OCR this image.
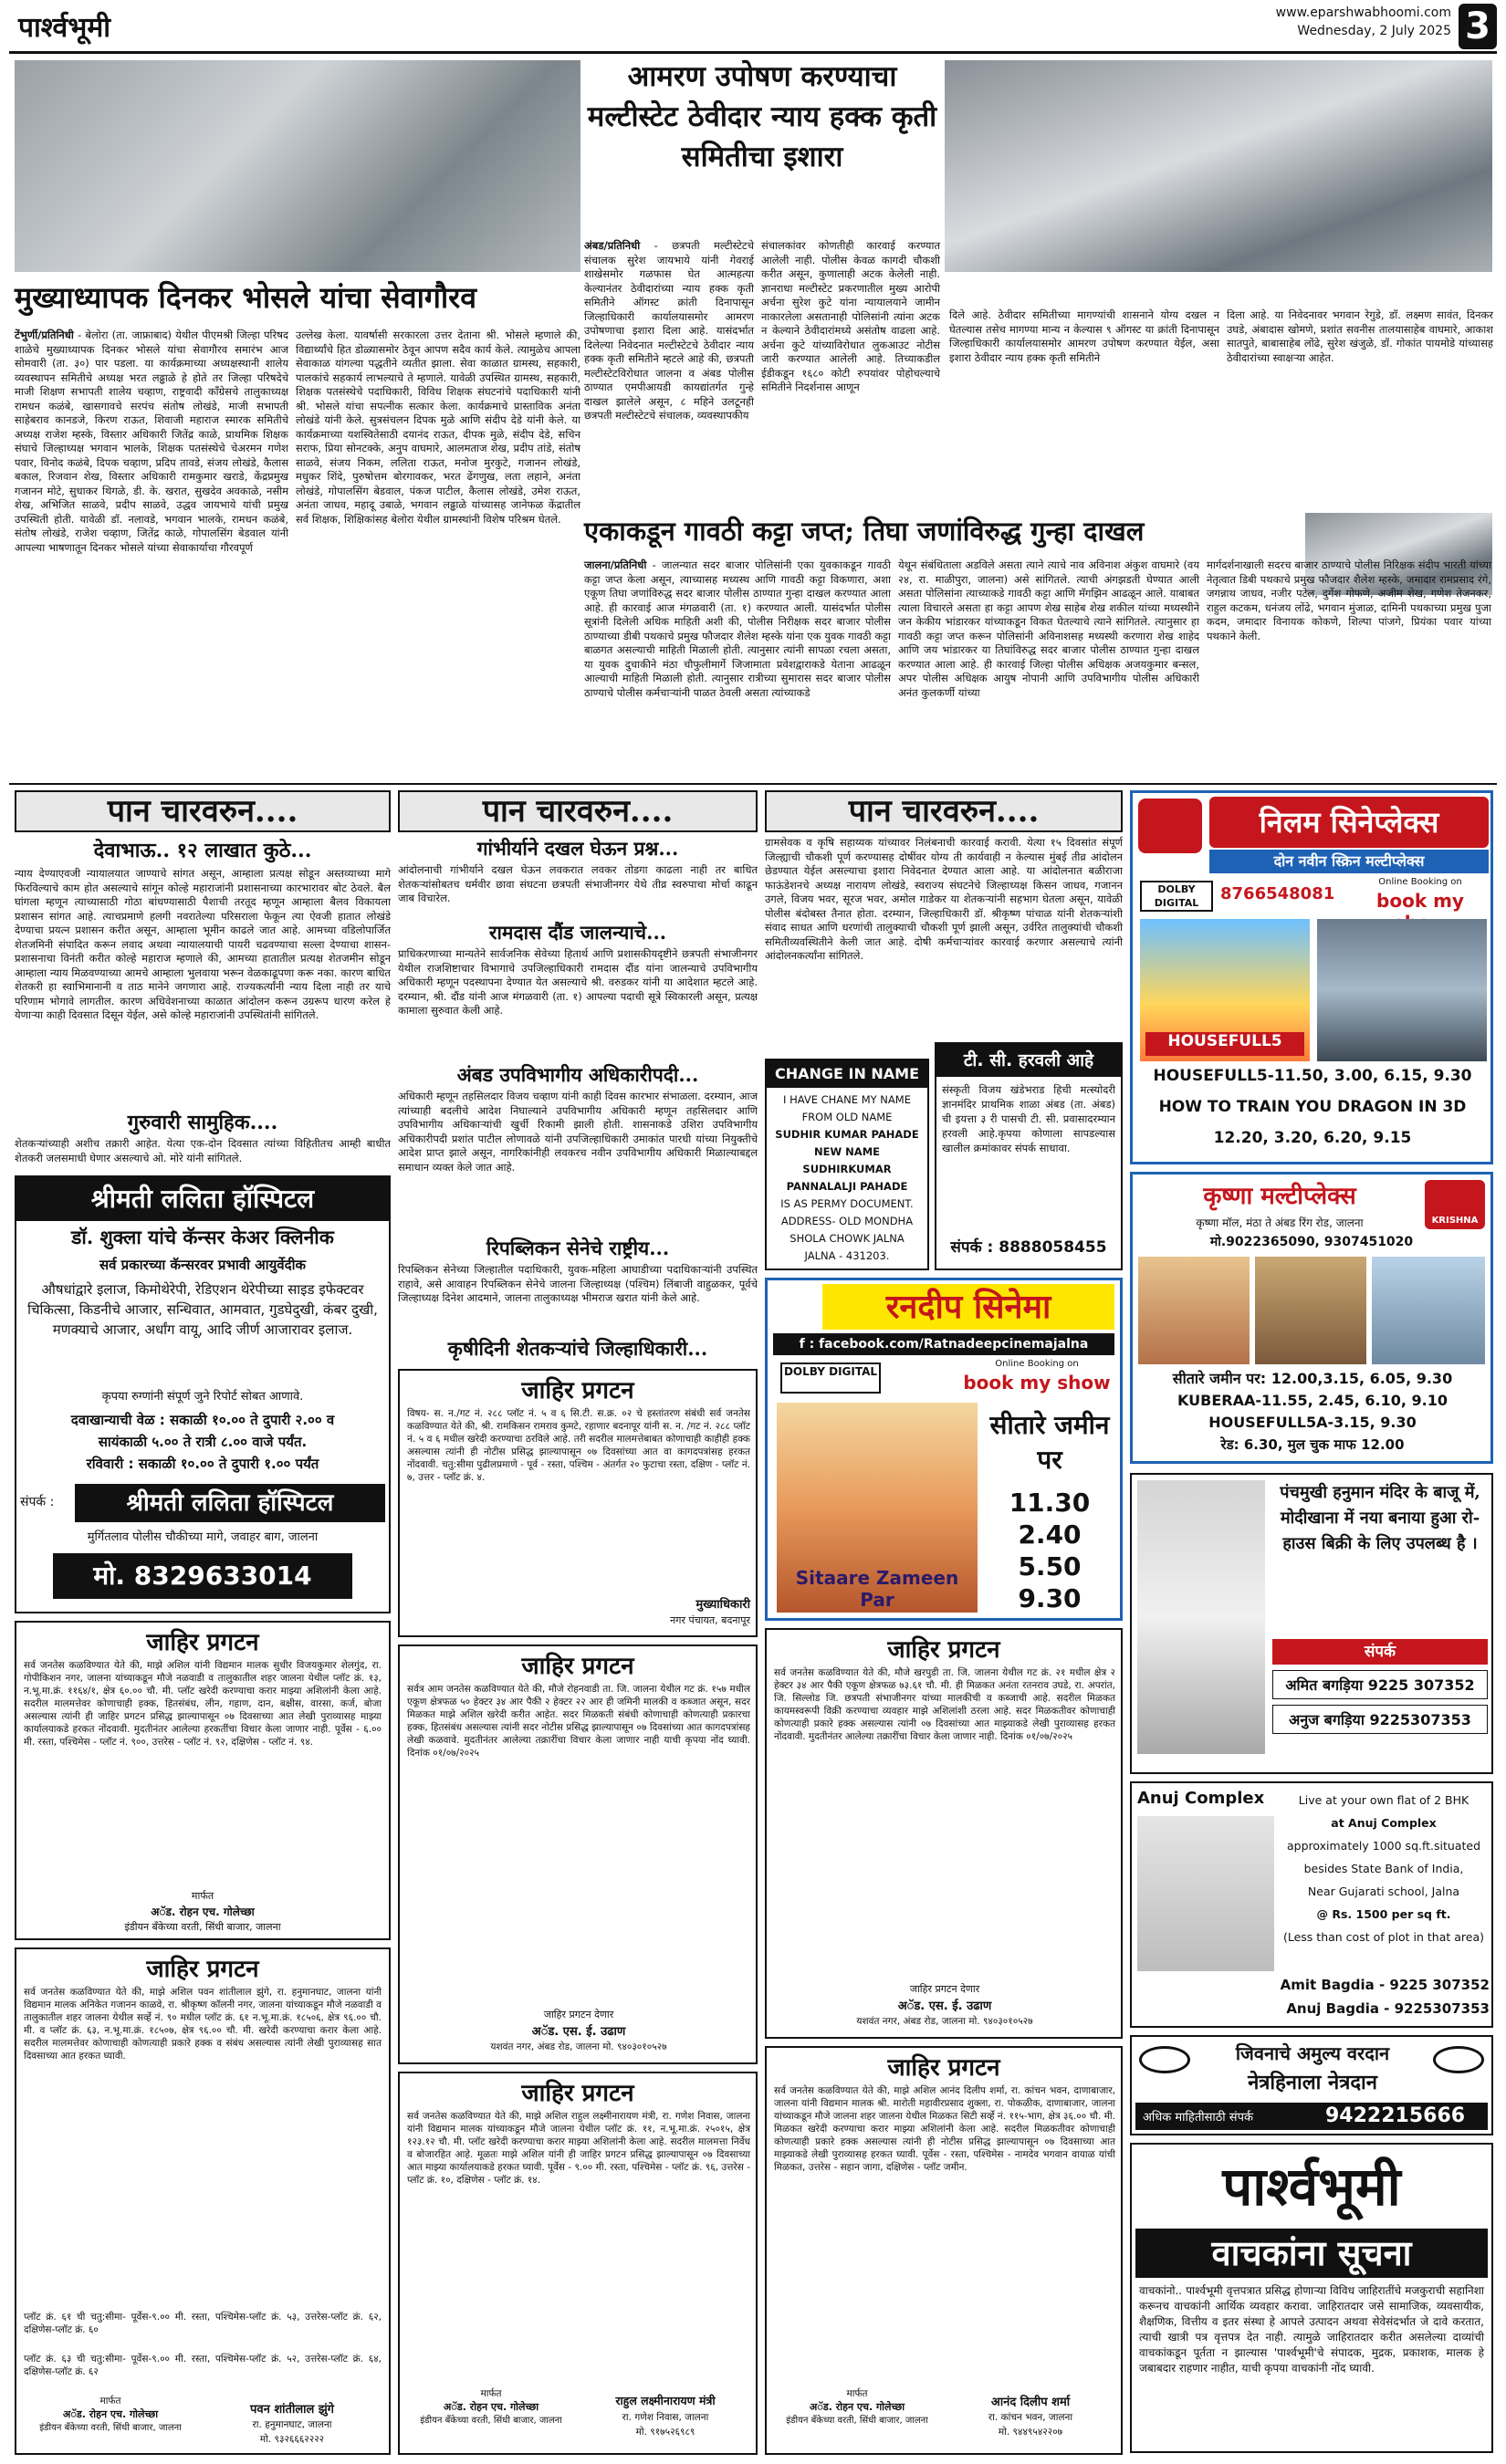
पार्श्वभूमी	www.eparshwabhoomi.com
Wednesday, 2 July 2025 3
आमरण उपोषण करण्याचा मल्टीस्टेट ठेवीदार न्याय हक्क कृती समितीचा इशारा
अंबड/प्रतिनिधी - छत्रपती मल्टीस्टेटचे संचालक सुरेश जायभाये यांनी गेवराई शाखेसमोर गळफास घेत आत्महत्या केल्यानंतर ठेवीदारांच्या न्याय हक्क कृती समितीने ऑगस्ट क्रांती दिनापासून जिल्हाधिकारी कार्यालयासमोर आमरण उपोषणाचा इशारा दिला आहे. यासंदर्भात दिलेल्या निवेदनात मल्टीस्टेटचे ठेवीदार न्याय हक्क कृती समितीने म्हटले आहे की, छत्रपती मल्टीस्टेटविरोधात जालना व अंबड पोलीस ठाण्यात एमपीआयडी कायद्यांतर्गत गुन्हे दाखल झालेले असून, ८ महिने उलटूनही छत्रपती मल्टीस्टेटचे संचालक, व्यवस्थापकीय
संचालकांवर कोणतीही कारवाई करण्यात आलेली नाही. पोलीस केवळ कागदी चौकशी करीत असून, कुणालाही अटक केलेली नाही. ज्ञानराधा मल्टीस्टेट प्रकरणातील मुख्य आरोपी अर्चना सुरेश कुटे यांना न्यायालयाने जामीन नाकारलेला असतानाही पोलिसांनी त्यांना अटक न केल्याने ठेवीदारांमध्ये असंतोष वाढला आहे. अर्चना कुटे यांच्याविरोधात लुकआउट नोटीस जारी करण्यात आलेली आहे. तिच्याकडील ईडीकडून १६८० कोटी रुपयांवर पोहोचल्याचे समितीने निदर्शनास आणून
दिले आहे. ठेवीदार समितीच्या मागण्यांची शासनाने योग्य दखल न घेतल्यास तसेच मागण्या मान्य न केल्यास ९ ऑगस्ट या क्रांती दिनापासून जिल्हाधिकारी कार्यालयासमोर आमरण उपोषण करण्यात येईल, असा इशारा ठेवीदार न्याय हक्क कृती समितीने
दिला आहे. या निवेदनावर भगवान रेगुडे, डॉ. लक्ष्मण सावंत, दिनकर उघडे, अंबादास खोमणे, प्रशांत सवनीस तालयासाहेब वाघमारे, आकाश सातपुते, बाबासाहेब लोंढे, सुरेश खंजुळे, डॉ. गोकांत पायमोडे यांच्यासह ठेवीदारांच्या स्वाक्षऱ्या आहेत.
मुख्याध्यापक दिनकर भोसले यांचा सेवागौरव
टेंभुर्णी/प्रतिनिधी - बेलोरा (ता. जाफ्राबाद) येथील पीएमश्री जिल्हा परिषद शाळेचे मुख्याध्यापक दिनकर भोसले यांचा सेवागौरव समारंभ आज सोमवारी (ता. ३०) पार पडला. या कार्यक्रमाच्या अध्यक्षस्थानी शालेय व्यवस्थापन समितीचे अध्यक्ष भरत लढ्ढाळे हे होते तर जिल्हा परिषदेचे माजी शिक्षण सभापती शालेय चव्हाण, राष्ट्रवादी काँग्रेसचे तालुकाध्यक्ष रामधन कळंबे, खासगावचे सरपंच संतोष लोखंडे, माजी सभापती साहेबराव कानडजे, किरण राऊत, शिवाजी महाराज स्मारक समितीचे अध्यक्ष राजेश म्हस्के, विस्तार अधिकारी जितेंद्र काळे, प्राथमिक शिक्षक संघाचे जिल्हाध्यक्ष भगवान भालके, शिक्षक पतसंस्थेचे चेअरमन गणेश पवार, विनोद कळंबे, दिपक चव्हाण, प्रदिप तावडे, संजय लोखंडे, कैलास बकाल, रिजवान शेख, विस्तार अधिकारी रामकुमार खराडे, केंद्रप्रमुख गजानन मोटे, सुधाकर थिगळे, डी. के. खरात, सुखदेव अवकाळे, नसीम शेख, अभिजित साळवे, प्रदीप साळवे, उद्धव जायभाये यांची प्रमुख उपस्थिती होती. यावेळी डॉ. नलावडे, भगवान भालके, रामधन कळंबे, संतोष लोखंडे, राजेश चव्हाण, जितेंद्र काळे, गोपालसिंग बेडवाल यांनी आपल्या भाषणातून दिनकर भोसले यांच्या सेवाकार्याचा गौरवपूर्ण
उल्लेख केला. यावर्षासी सरकारला उत्तर देताना श्री. भोसले म्हणाले की, विद्यार्थ्यांचे हित डोळ्यासमोर ठेवून आपण सदैव कार्य केले. त्यामुळेच आपला सेवाकाळ यांगल्या पद्धतीने व्यतीत झाला. सेवा काळात ग्रामस्थ, सहकारी, पालकांचे सहकार्य लाभल्याचे ते म्हणाले. यावेळी उपस्थित ग्रामस्थ, सहकारी, शिक्षक पतसंस्थेचे पदाधिकारी, विविध शिक्षक संघटनांचे पदाधिकारी यांनी श्री. भोसले यांचा सपत्नीक सत्कार केला. कार्यक्रमाचे प्रास्ताविक अनंता लोखंडे यांनी केले. सुत्रसंचलन दिपक मुळे आणि संदीप देडे यांनी केले. या कार्यक्रमाच्या यशस्वितेसाठी दयानंद राऊत, दीपक मुळे, संदीप देडे, सचिन सराफ, प्रिया सोनटक्के, अनुप वाघमारे, आलमताज शेख, प्रदीप तांडे, संतोष साळवे, संजय निकम, ललिता राऊत, मनोज मुरकुटे, गजानन लोखंडे, मधुकर शिंदे, पुरुषोत्तम बोरगावकर, भरत ढेंगणुख, लता लहाने, अनंता लोखंडे, गोपालसिंग बेडवाल, पंकज पाटील, कैलास लोखंडे, उमेश राऊत, अनंता जाधव, महादू उबाळे, भगवान लढ्ढाळे यांच्यासह जानेफळ केंद्रातील सर्व शिक्षक, शिक्षिकांसह बेलोरा येथील ग्रामस्थांनी विशेष परिश्रम घेतले. एकाकडून गावठी कट्टा जप्त; तिघा जणांविरुद्ध गुन्हा दाखल
जालना/प्रतिनिधी - जालन्यात सदर बाजार पोलिसांनी एका युवकाकडून गावठी कट्टा जप्त केला असून, त्याच्यासह मध्यस्थ आणि गावठी कट्टा विकणारा, अशा एकूण तिघा जणांविरुद्ध सदर बाजार पोलीस ठाण्यात गुन्हा दाखल करण्यात आला आहे. ही कारवाई आज मंगळवारी (ता. १) करण्यात आली. यासंदर्भात पोलीस सूत्रांनी दिलेली अधिक माहिती अशी की, पोलीस निरीक्षक सदर बाजार पोलीस ठाण्याच्या डीबी पथकाचे प्रमुख फौजदार शैलेश म्हस्के यांना एक युवक गावठी कट्टा बाळगत असल्याची माहिती मिळाली होती. त्यानुसार त्यांनी सापळा रचला असता, या युवक दुचाकीने मंठा चौफुलीमार्गे जिजामाता प्रवेशद्वाराकडे येताना आढळून आल्याची माहिती मिळाली होती. त्यानुसार रात्रीच्या सुमारास सदर बाजार पोलीस ठाण्याचे पोलीस कर्मचाऱ्यांनी पाळत ठेवली असता त्यांच्याकडे
येथून संबंधिताला अडविले असता त्याने त्याचे नाव अविनाश अंकुश वाघमारे (वय २४, रा. माळीपुरा, जालना) असे सांगितले. त्याची अंगझडती घेण्यात आली असता पोलिसांना त्याच्याकडे गावठी कट्टा आणि मॅगझिन आढळून आले. याबाबत त्याला विचारले असता हा कट्टा आपण शेख साहेब शेख शकील यांच्या मध्यस्थीने जन केकीय भांडारकर यांच्याकडून विकत घेतल्याचे त्याने सांगितले. त्यानुसार हा गावठी कट्टा जप्त करून पोलिसांनी अविनाशसह मध्यस्थी करणारा शेख शाहेद आणि जय भांडारकर या तिघांविरुद्ध सदर बाजार पोलीस ठाण्यात गुन्हा दाखल करण्यात आला आहे. ही कारवाई जिल्हा पोलीस अधिक्षक अजयकुमार बन्सल, अपर पोलीस अधिक्षक आयुष नोपानी आणि उपविभागीय पोलीस अधिकारी अनंत कुलकर्णी यांच्या
मार्गदर्शनाखाली सदरच बाजार ठाण्याचे पोलीस निरिक्षक संदीप भारती यांच्या नेतृत्वात डिबी पथकाचे प्रमुख फौजदार शैलेश म्हस्के, जमादार रामप्रसाद रंगे, जगन्नाथ जाधव, नजीर पटेल, दुर्गेश गोफणे, अजीम शेख, गणेश तेजनकर, राहुल कटकम, धनंजय लोंढे, भगवान मुंजाळ, दामिनी पथकाच्या प्रमुख पुजा कदम, जमादार विनायक कोकणे, शिल्पा पांजगे, प्रियंका पवार यांच्या पथकाने केली.
पान चारवरुन....
देवाभाऊ.. १२ लाखात कुठे...
न्याय देण्याएवजी न्यायालयात जाण्याचे सांगत असून, आम्हाला प्रत्यक्ष सोडून अस्तव्याच्या मागे फिरविल्याचे काम होत असल्याचे सांगून कोल्हे महाराजांनी प्रशासनाच्या कारभारावर बोट ठेवले. बैल घांगला म्हणून त्याच्यासाठी गोठा बांधण्यासाठी पैशाची तरतूद म्हणून आम्हाला बैलव विकायला प्रशासन सांगत आहे. त्याचप्रमाणे हलगी नवरातेल्या परिसराला फेकून त्या ऐवजी हातात लोखंडे देण्याचा प्रयत्न प्रशासन करीत असून, आम्हाला भूमीन काढले जात आहे. आमच्या वडिलोपार्जित शेतजमिनी संपादित करून लवाद अथवा न्यायालयाची पायरी चढवण्याचा सल्ला देण्याचा शासन-प्रशासनाचा विनंती करीत कोल्हे महाराज म्हणाले की, आमच्या हातातील प्रत्यक्ष शेतजमीन सोडून आम्हाला न्याय मिळवण्याच्या आमचे आम्हाला भुलवाया भरून वेळकाढूपणा करू नका. कारण बाधित शेतकरी हा स्वाभिमानानी व ताठ मानेने जगणारा आहे. राज्यकर्त्यांनी न्याय दिला नाही तर याचे परिणाम भोगावे लागतील. कारण अधिवेशनाच्या काळात आंदोलन करून उग्ररूप धारण करेल हे येणाऱ्या काही दिवसात दिसून येईल, असे कोल्हे महाराजांनी उपस्थितांनी सांगितले.
गुरुवारी सामुहिक....
शेतकऱ्यांच्याही अशीच तक्रारी आहेत. येत्या एक-दोन दिवसात त्यांच्या विहितीतच आम्ही बाधीत शेतकरी जलसमाधी घेणार असल्याचे ओ. मोरे यांनी सांगितले.
पान चारवरुन....
गांभीर्याने दखल घेऊन प्रश्न...
आंदोलनाची गांभीर्याने दखल घेऊन लवकरात लवकर तोडगा काढला नाही तर बाधित शेतकऱ्यांसोबतच धर्मवीर छावा संघटना छत्रपती संभाजीनगर येथे तीव्र स्वरुपाचा मोर्चा काढून जाब विचारेल.
रामदास दौंड जालन्याचे...
प्राधिकरणाच्या मान्यतेने सार्वजनिक सेवेच्या हितार्थ आणि प्रशासकीयदृष्टीने छत्रपती संभाजीनगर येथील राजशिष्टाचार विभागाचे उपजिल्हाधिकारी रामदास दौंड यांना जालन्याचे उपविभागीय अधिकारी म्हणून पदस्थापना देण्यात येत असल्याचे श्री. वरुडकर यांनी या आदेशात म्हटले आहे. दरम्यान, श्री. दौंड यांनी आज मंगळवारी (ता. १) आपल्या पदाची सूत्रे स्विकारली असून, प्रत्यक्ष कामाला सुरुवात केली आहे.
अंबड उपविभागीय अधिकारीपदी...
अधिकारी म्हणून तहसिलदार विजय चव्हाण यांनी काही दिवस कारभार संभाळला. दरम्यान, आज त्यांच्याही बदलीचे आदेश निघाल्याने उपविभागीय अधिकारी म्हणून तहसिलदार आणि उपविभागीय अधिकाऱ्यांची खुर्ची रिकामी झाली होती. शासनाकडे उशिरा उपविभागीय अधिकारीपदी प्रशांत पाटील लोणावळे यांनी उपजिल्हाधिकारी उमाकांत पारधी यांच्या नियुक्तीचे आदेश प्राप्त झाले असून, नागरिकांनीही लवकरच नवीन उपविभागीय अधिकारी मिळाल्याबद्दल समाधान व्यक्त केले जात आहे.
रिपब्लिकन सेनेचे राष्ट्रीय...
रिपब्लिकन सेनेच्या जिल्हातील पदाधिकारी, युवक-महिला आघाडीच्या पदाधिकाऱ्यांनी उपस्थित राहावे, असे आवाहन रिपब्लिकन सेनेचे जालना जिल्हाध्यक्ष (पश्चिम) लिंबाजी वाहुळकर, पूर्वचे जिल्हाध्यक्ष दिनेश आदमाने, जालना तालुकाध्यक्ष भीमराज खरात यांनी केले आहे.
कृषीदिनी शेतकऱ्यांचे जिल्हाधिकारी...
पान चारवरुन....
ग्रामसेवक व कृषि सहाय्यक यांच्यावर निलंबनाची कारवाई करावी. येत्या १५ दिवसांत संपूर्ण जिल्ह्याची चौकशी पूर्ण करण्यासह दोषींवर योग्य ती कार्यवाही न केल्यास मुंबई तीव्र आंदोलन छेडण्यात येईल असल्याचा इशारा निवेदनात देण्यात आला आहे. या आंदोलनात बळीराजा फाऊंडेशनचे अध्यक्ष नारायण लोखंडे, स्वराज्य संघटनेचे जिल्हाध्यक्ष किसन जाधव, गजानन उगले, विजय भवर, सूरज भवर, अमोल गाडेकर या शेतकऱ्यांनी सहभाग घेतला असून, यावेळी पोलीस बंदोबस्त तैनात होता. दरम्यान, जिल्हाधिकारी डॉ. श्रीकृष्ण पांचाळ यांनी शेतकऱ्यांशी संवाद साधत आणि धरणांची तालुक्याची चौकशी पूर्ण झाली असून, उर्वरित तालुक्यांची चौकशी समितीव्यवस्थितीने केली जात आहे. दोषी कर्मचाऱ्यांवर कारवाई करणार असल्याचे त्यांनी आंदोलनकर्त्यांना सांगितले.
टी. सी. हरवली आहे
संस्कृती विजय खंडेभराड हिची मत्स्योदरी ज्ञानमंदिर प्राथमिक शाळा अंबड (ता. अंबड) ची इयत्ता ३ री पासची टी. सी. प्रवासादरम्यान हरवली आहे.कृपया कोणाला सापडल्यास खालील क्रमांकावर संपर्क साधावा.
संपर्क : 8888058455
CHANGE IN NAME
I HAVE CHANE MY NAME
FROM OLD NAME
SUDHIR KUMAR PAHADE
NEW NAME SUDHIRKUMAR
PANNALALJI PAHADE
IS AS PERMY DOCUMENT.
ADDRESS- OLD MONDHA
SHOLA CHOWK JALNA
JALNA - 431203.
रनदीप सिनेमा
f : facebook.com/Ratnadeepcinemajalna
DOLBY DIGITAL
Online Booking on
book my show
Sitaare Zameen Par
सीतारे जमीन पर
11.30
2.40
5.50
9.30
श्रीमती ललिता हॉस्पिटल
डॉ. शुक्ला यांचे कॅन्सर केअर क्लिनीक
सर्व प्रकारच्या कॅन्सरवर प्रभावी आयुर्वेदीक
औषधांद्वारे इलाज, किमोथेरेपी, रेडिएशन थेरेपीच्या साइड इफेक्टवर चिकित्सा, किडनीचे आजार, सन्धिवात, आमवात, गुडघेदुखी, कंबर दुखी, मणक्याचे आजार, अर्धांग वायू, आदि जीर्ण आजारावर इलाज.
कृपया रुग्णांनी संपूर्ण जुने रिपोर्ट सोबत आणावे.
दवाखान्याची वेळ : सकाळी १०.०० ते दुपारी २.०० व
सायंकाळी ५.०० ते रात्री ८.०० वाजे पर्यंत.
रविवारी : सकाळी १०.०० ते दुपारी १.०० पर्यंत
संपर्क :	श्रीमती ललिता हॉस्पिटल
मुर्गितलाव पोलीस चौकीच्या मागे, जवाहर बाग, जालना
मो. 8329633014
निलम सिनेप्लेक्स
दोन नवीन स्क्रिन मल्टीप्लेक्स
DOLBY DIGITAL	8766548081
Online Booking on
book my
HOUSEFULL5
HOUSEFULL5-11.50, 3.00, 6.15, 9.30
HOW TO TRAIN YOU DRAGON IN 3D
12.20, 3.20, 6.20, 9.15
कृष्णा मल्टीप्लेक्स
KRISHNA
कृष्णा मॉल, मंठा ते अंबड रिंग रोड, जालना
मो.9022365090, 9307451020
सीतारे जमीन पर: 12.00,3.15, 6.05, 9.30
KUBERAA-11.55, 2.45, 6.10, 9.10
HOUSEFULL5A-3.15, 9.30
रेड: 6.30, मुल चुक माफ 12.00
पंचमुखी हनुमान मंदिर के बाजू में, मोदीखाना में नया बनाया हुआ रो-हाउस बिक्री के लिए उपलब्ध है ।
संपर्क
अमित बगड़िया 9225 307352
अनुज बगड़िया 9225307353
Anuj Complex	Live at your own flat of 2 BHK
at Anuj Complex
approximately 1000 sq.ft.situated
besides State Bank of India,
Near Gujarati school, Jalna
@ Rs. 1500 per sq ft.
(Less than cost of plot in that area)
Amit Bagdia - 9225 307352
Anuj Bagdia - 9225307353
जिवनाचे अमुल्य वरदान
नेत्रहिनाला नेत्रदान
अधिक माहितीसाठी संपर्क	9422215666
पार्श्वभूमी
वाचकांना सूचना
वाचकांनो.. पार्श्वभूमी वृत्तपत्रात प्रसिद्ध होणाऱ्या विविध जाहिरातींचे मजकुराची सहानिशा करूनच वाचकांनी आर्थिक व्यवहार करावा. जाहिरातदार जसे सामाजिक, व्यवसायीक, शैक्षणिक, वित्तीय व इतर संस्था हे आपले उत्पादन अथवा सेवेसंदर्भात जे दावे करतात, त्याची खात्री पत्र वृत्तपत्र देत नाही. त्यामुळे जाहिरातदार करीत असलेल्या दाव्यांची वाचकांकडून पूर्तता न झाल्यास 'पार्श्वभूमी'चे संपादक, मुद्रक, प्रकाशक, मालक हे जबाबदार राहणार नाहीत, याची कृपया वाचकांनी नोंद घ्यावी.
जाहिर प्रगटन
सर्व जनतेस कळविण्यात येते की, माझे अशिल यांनी विद्यमान मालक सुधीर विजयकुमार शेलगुंद, रा. गोपीकिशन नगर, जालना यांच्याकडून मौजे नळवाडी व तालुकातील शहर जालना येथील प्लॉट क्रं. १३, न.भू.मा.क्रं. ११६४/१, क्षेत्र ६०.०० चौ. मी. प्लॉट खरेदी करण्याचा करार माझ्या अशिलांनी केला आहे. सदरील मालमत्तेवर कोणाचाही हक्क, हितसंबंध, लीन, गहाण, दान, बक्षीस, वारसा, कर्ज, बोजा असल्यास त्यांनी ही जाहिर प्रगटन प्रसिद्ध झाल्यापासून ०७ दिवसाच्या आत लेखी पुराव्यासह माझ्या कार्यालयाकडे हरकत नोंदवावी. मुदतीनंतर आलेल्या हरकतींचा विचार केला जाणार नाही. पूर्वेस - ६.०० मी. रस्ता, पश्चिमेस - प्लॉट नं. ९००, उत्तरेस - प्लॉट नं. ९२, दक्षिणेस - प्लॉट नं. ९४.
मार्फत
अॅड. रोहन एच. गोलेच्छा
इंडीयन बँकेच्या वरती, सिंधी बाजार, जालना
जाहिर प्रगटन
सर्व जनतेस कळविण्यात येते की, माझे अशिल पवन शांतीलाल झुंगे, रा. हनुमानघाट, जालना यांनी विद्यमान मालक अनिकेत गजानन काळवे, रा. श्रीकृष्ण कॉलनी नगर, जालना यांच्याकडून मौजे नळवाडी व तालुकातील शहर जालना येथील सर्व्हे नं. ९० मधील प्लॉट क्रं. ६१ न.भू.मा.क्रं. १८५०६, क्षेत्र ९६.०० चौ. मी. व प्लॉट क्रं. ६३, न.भू.मा.क्रं. १८५०७, क्षेत्र ९६.०० चौ. मी. खरेदी करण्याचा करार केला आहे. सदरील मालमत्तेवर कोणाचाही कोणत्याही प्रकारे हक्क व संबंध असल्यास त्यांनी लेखी पुराव्यासह सात दिवसाच्या आत हरकत घ्यावी.
प्लॉट क्रं. ६१ ची चतु:सीमा- पूर्वेस-९.०० मी. रस्ता, पश्चिमेस-प्लॉट क्रं. ५३, उत्तरेस-प्लॉट क्रं. ६२, दक्षिणेस-प्लॉट क्रं. ६०
प्लॉट क्रं. ६३ ची चतु:सीमा- पूर्वेस-९.०० मी. रस्ता, पश्चिमेस-प्लॉट क्रं. ५२, उत्तरेस-प्लॉट क्रं. ६४, दक्षिणेस-प्लॉट क्रं. ६२
मार्फत
अॅड. रोहन एच. गोलेच्छा
इंडीयन बँकेच्या वरती, सिंधी बाजार, जालना
पवन शांतीलाल झुंगे
रा. हनुमानघाट, जालना
मो. ९३२६६६२२२२
जाहिर प्रगटन
विषय- स. न./गट नं. २८८ प्लॉट नं. ५ व ६ सि.टी. स.क्र. ०२ चे हस्तांतरण संबंधी सर्व जनतेस कळविण्यात येते की, श्री. रामकिसन रामराव कुमटे, रहाणार बदनापूर यांनी स. न. /गट नं. २८८ प्लॉट नं. ५ व ६ मधील खरेदी करण्याचा ठरविले आहे. तरी सदरील मालमत्तेबाबत कोणाचाही काहीही हक्क असल्यास त्यांनी ही नोटीस प्रसिद्ध झाल्यापासून ०७ दिवसांच्या आत वा कागदपत्रांसह हरकत नोंदवावी. चतु:सीमा पुढीलप्रमाणे - पूर्व - रस्ता, पश्चिम - अंतर्गत २० फुटाचा रस्ता, दक्षिण - प्लॉट नं. ७, उत्तर - प्लॉट क्रं. ४.
मुख्याधिकारी
नगर पंचायत, बदनापूर
जाहिर प्रगटन
सर्वत्र आम जनतेस कळविण्यात येते की, मौजे रोहनवाडी ता. जि. जालना येथील गट क्रं. १५७ मधील एकूण क्षेत्रफळ ५० हेक्टर ३४ आर पैकी २ हेक्टर २२ आर ही जमिनी मालकी व कब्जात असून, सदर मिळकत माझे अशिल खरेदी करीत आहेत. सदर मिळकती संबंधी कोणाचाही कोणत्याही प्रकारचा हक्क, हितसंबंध असल्यास त्यांनी सदर नोटीस प्रसिद्ध झाल्यापासून ०७ दिवसांच्या आत कागदपत्रांसह लेखी कळवावे. मुदतीनंतर आलेल्या तक्रारींचा विचार केला जाणार नाही याची कृपया नोंद घ्यावी. दिनांक ०१/०७/२०२५
जाहिर प्रगटन देणार
अॅड. एस. ई. उढाण
यशवंत नगर, अंबड रोड, जालना मो. ९४०३०१०५२७
जाहिर प्रगटन
सर्व जनतेस कळविण्यात येते की, माझे अशिल राहुल लक्ष्मीनारायण मंत्री, रा. गणेश निवास, जालना यांनी विद्यमान मालक यांच्याकडून मौजे जालना येथील प्लॉट क्रं. ११, न.भू.मा.क्रं. २५०१५, क्षेत्र १२३.१२ चौ. मी. प्लॉट खरेदी करण्याचा करार माझ्या अशिलांनी केला आहे. सदरील मालमत्ता निर्वेध व बोजारहित आहे. मूळतः माझे अशिल यांनी ही जाहिर प्रगटन प्रसिद्ध झाल्यापासून ०७ दिवसाच्या आत माझ्या कार्यालयाकडे हरकत घ्यावी. पूर्वेस - ९.०० मी. रस्ता, पश्चिमेस - प्लॉट क्रं. ९६, उत्तरेस - प्लॉट क्रं. १०, दक्षिणेस - प्लॉट क्रं. १४.
मार्फत
अॅड. रोहन एच. गोलेच्छा
इंडीयन बँकेच्या वरती, सिंधी बाजार, जालना
राहुल लक्ष्मीनारायण मंत्री
रा. गणेश निवास, जालना
मो. ९१७५२६९८९
जाहिर प्रगटन
सर्व जनतेस कळविण्यात येते की, मौजे खरपुडी ता. जि. जालना येथील गट क्रं. २१ मधील क्षेत्र २ हेक्टर ३४ आर पैकी एकूण क्षेत्रफळ ७३.६१ चौ. मी. ही मिळकत अनंता रतनराव उघडे, रा. अपरांत, जि. सिल्लोड जि. छत्रपती संभाजीनगर यांच्या मालकीची व कब्जाची आहे. सदरील मिळकत कायमस्वरूपी विक्री करण्याचा व्यवहार माझे अशिलांशी ठरला आहे. सदर मिळकतीवर कोणाचाही कोणत्याही प्रकारे हक्क असल्यास त्यांनी ०७ दिवसांच्या आत माझ्याकडे लेखी पुराव्यासह हरकत नोंदवावी. मुदतीनंतर आलेल्या तक्रारींचा विचार केला जाणार नाही. दिनांक ०१/०७/२०२५
जाहिर प्रगटन देणार
अॅड. एस. ई. उढाण
यशवंत नगर, अंबड रोड, जालना मो. ९४०३०१०५२७
जाहिर प्रगटन
सर्व जनतेस कळविण्यात येते की, माझे अशिल आनंद दिलीप शर्मा, रा. कांचन भवन, दाणाबाजार, जालना यांनी विद्यमान मालक श्री. मारोती महावीरप्रसाद शुक्ला, रा. पोकळीक, दाणाबाजार, जालना यांच्याकडून मौजे जालना शहर जालना येथील मिळकत सिटी सर्व्हे नं. ११५-भाग, क्षेत्र ३६.०० चौ. मी. मिळकत खरेदी करण्याचा करार माझ्या अशिलांनी केला आहे. सदरील मिळकतीवर कोणाचाही कोणत्याही प्रकारे हक्क असल्यास त्यांनी ही नोटीस प्रसिद्ध झाल्यापासून ०७ दिवसाच्या आत माझ्याकडे लेखी पुराव्यासह हरकत घ्यावी. पूर्वेस - रस्ता, पश्चिमेस - नामदेव भगवान वायाळ यांची मिळकत, उत्तरेस - सहान जागा, दक्षिणेस - प्लॉट जमीन.
मार्फत
अॅड. रोहन एच. गोलेच्छा
इंडीयन बँकेच्या वरती, सिंधी बाजार, जालना
आनंद दिलीप शर्मा
रा. कांचन भवन, जालना
मो. ९४४९५४२२०७
